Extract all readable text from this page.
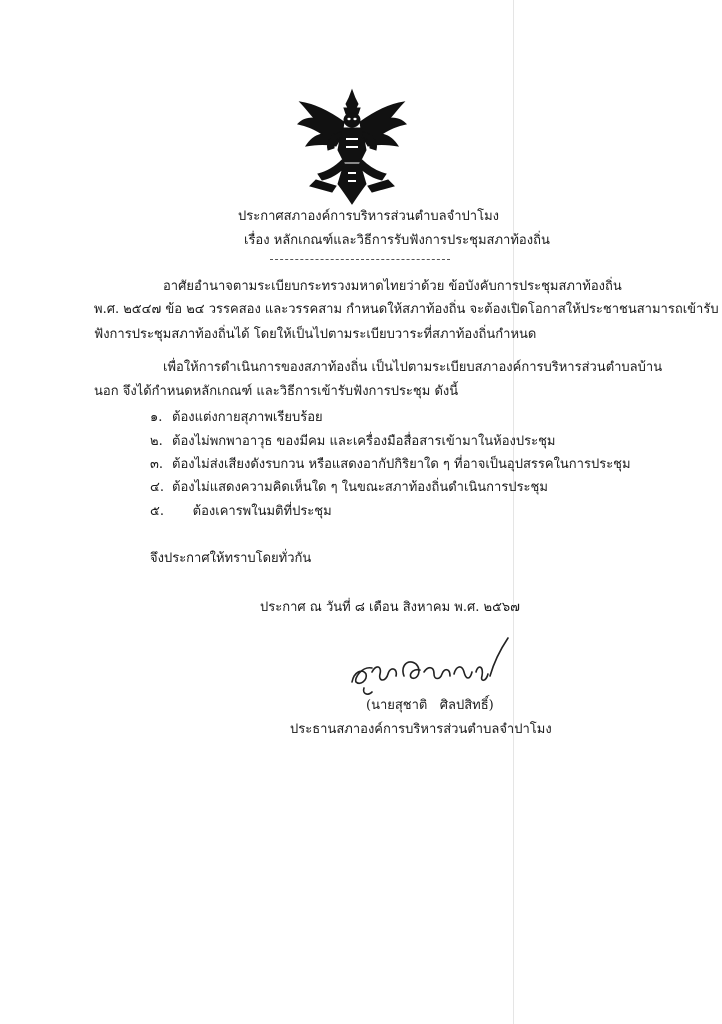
ประกาศสภาองค์การบริหารส่วนตำบลจำปาโมง
เรื่อง หลักเกณฑ์และวิธีการรับฟังการประชุมสภาท้องถิ่น
อาศัยอำนาจตามระเบียบกระทรวงมหาดไทยว่าด้วย ข้อบังคับการประชุมสภาท้องถิ่น
พ.ศ. ๒๕๔๗ ข้อ ๒๔ วรรคสอง และวรรคสาม กำหนดให้สภาท้องถิ่น จะต้องเปิดโอกาสให้ประชาชนสามารถเข้ารับ
ฟังการประชุมสภาท้องถิ่นได้ โดยให้เป็นไปตามระเบียบวาระที่สภาท้องถิ่นกำหนด
เพื่อให้การดำเนินการของสภาท้องถิ่น เป็นไปตามระเบียบสภาองค์การบริหารส่วนตำบลบ้าน
นอก จึงได้กำหนดหลักเกณฑ์ และวิธีการเข้ารับฟังการประชุม ดังนี้
๑. ต้องแต่งกายสุภาพเรียบร้อย
๒. ต้องไม่พกพาอาวุธ ของมีคม และเครื่องมือสื่อสารเข้ามาในห้องประชุม
๓. ต้องไม่ส่งเสียงดังรบกวน หรือแสดงอากัปกิริยาใด ๆ ที่อาจเป็นอุปสรรคในการประชุม
๔. ต้องไม่แสดงความคิดเห็นใด ๆ ในขณะสภาท้องถิ่นดำเนินการประชุม
๕.     ต้องเคารพในมติที่ประชุม
จึงประกาศให้ทราบโดยทั่วกัน
ประกาศ ณ วันที่ ๘ เดือน สิงหาคม พ.ศ. ๒๕๖๗
(นายสุชาติ   ศิลปสิทธิ์)
ประธานสภาองค์การบริหารส่วนตำบลจำปาโมง
